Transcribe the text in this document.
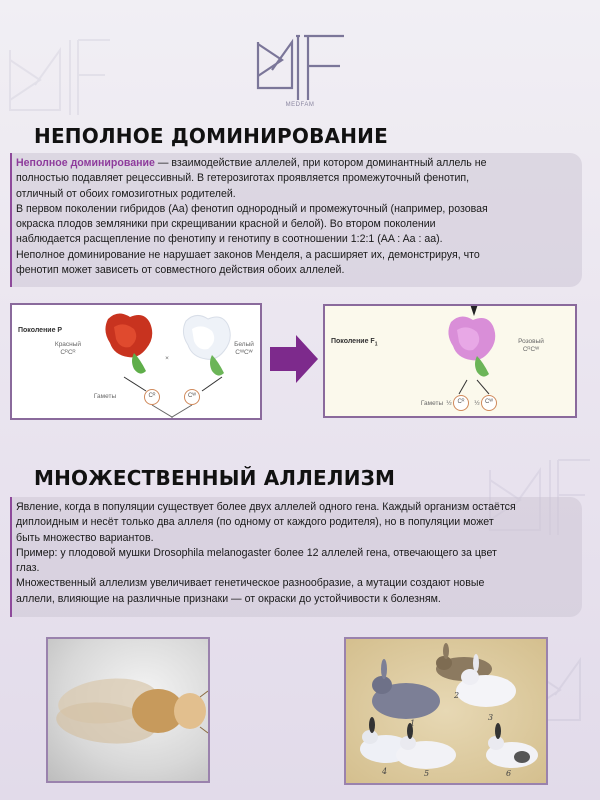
MEDFAM
НЕПОЛНОЕ ДОМИНИРОВАНИЕ
Неполное доминирование — взаимодействие аллелей, при котором доминантный аллель не
полностью подавляет рецессивный. В гетерозиготах проявляется промежуточный фенотип,
отличный от обоих гомозиготных родителей.
В первом поколении гибридов (Aa) фенотип однородный и промежуточный (например, розовая
окраска плодов земляники при скрещивании красной и белой). Во втором поколении
наблюдается расщепление по фенотипу и генотипу в соотношении 1:2:1 (AA : Aa : aa).
Неполное доминирование не нарушает законов Менделя, а расширяет их, демонстрируя, что
фенотип может зависеть от совместного действия обоих аллелей.
Поколение P
Красный
CᴿCᴿ
×
Белый
CᵂCᵂ
Гаметы	Cᴿ	Cᵂ
Поколение $F_1$	Розовый
CᴿCᵂ
Гаметы ½ Cᴿ	½ Cᵂ
МНОЖЕСТВЕННЫЙ АЛЛЕЛИЗМ
Явление, когда в популяции существует более двух аллелей одного гена. Каждый организм остаётся
диплоидным и несёт только два аллеля (по одному от каждого родителя), но в популяции может
быть множество вариантов.
Пример: у плодовой мушки Drosophila melanogaster более 12 аллелей гена, отвечающего за цвет
глаз.
Множественный аллелизм увеличивает генетическое разнообразие, а мутации создают новые
аллели, влияющие на различные признаки — от окраски до устойчивости к болезням.
1
2
3
4	5	6
